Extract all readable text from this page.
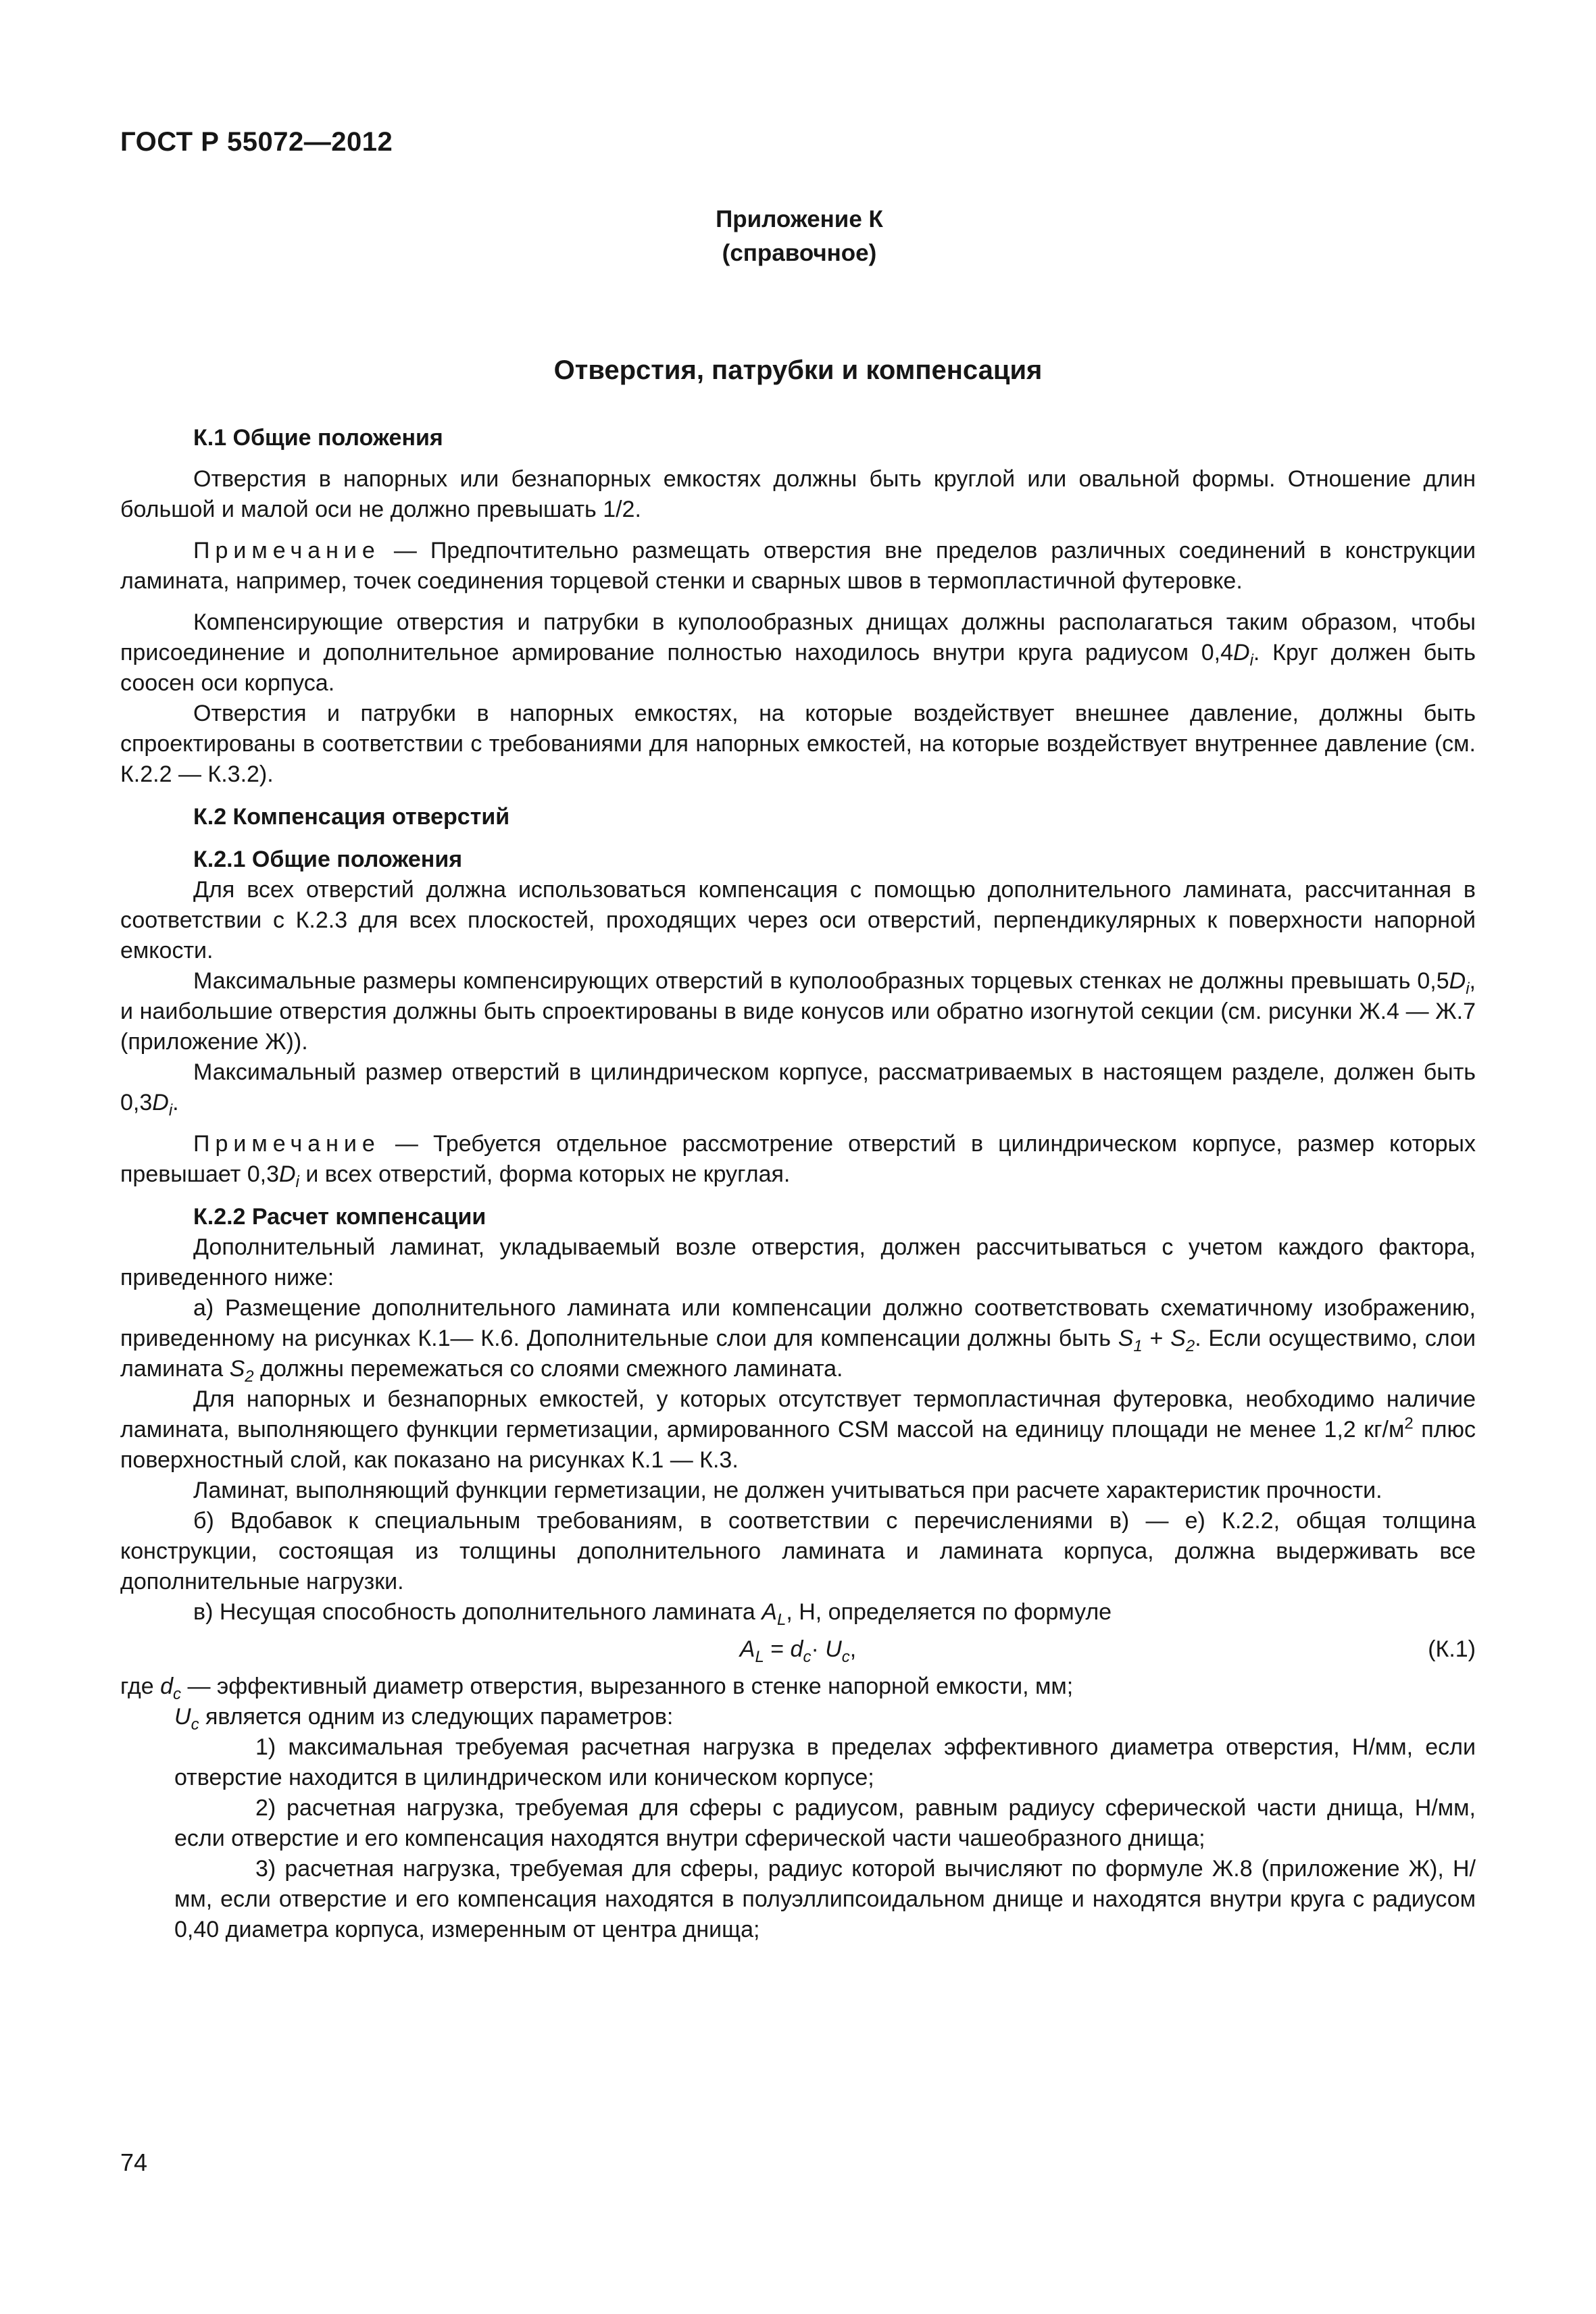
ГОСТ Р 55072—2012
Приложение К
(справочное)
Отверстия, патрубки и компенсация

К.1 Общие положения

Отверстия в напорных или безнапорных емкостях должны быть круглой или овальной формы. Отношение длин большой и малой оси не должно превышать 1/2.

Примечание — Предпочтительно размещать отверстия вне пределов различных соединений в конструкции ламината, например, точек соединения торцевой стенки и сварных швов в термопластичной футеровке.

Компенсирующие отверстия и патрубки в куполообразных днищах должны располагаться таким образом, чтобы присоединение и дополнительное армирование полностью находилось внутри круга радиусом $0,4D_i$. Круг должен быть соосен оси корпуса.

Отверстия и патрубки в напорных емкостях, на которые воздействует внешнее давление, должны быть спроектированы в соответствии с требованиями для напорных емкостей, на которые воздействует внутреннее давление (см. К.2.2 — К.3.2).

К.2 Компенсация отверстий

К.2.1 Общие положения

Для всех отверстий должна использоваться компенсация с помощью дополнительного ламината, рассчитанная в соответствии с К.2.3 для всех плоскостей, проходящих через оси отверстий, перпендикулярных к поверхности напорной емкости.

Максимальные размеры компенсирующих отверстий в куполообразных торцевых стенках не должны превышать $0,5D_i$, и наибольшие отверстия должны быть спроектированы в виде конусов или обратно изогнутой секции (см. рисунки Ж.4 — Ж.7 (приложение Ж)).

Максимальный размер отверстий в цилиндрическом корпусе, рассматриваемых в настоящем разделе, должен быть $0,3D_i$.

Примечание — Требуется отдельное рассмотрение отверстий в цилиндрическом корпусе, размер которых превышает $0,3D_i$ и всех отверстий, форма которых не круглая.

К.2.2 Расчет компенсации

Дополнительный ламинат, укладываемый возле отверстия, должен рассчитываться с учетом каждого фактора, приведенного ниже:

а) Размещение дополнительного ламината или компенсации должно соответствовать схематичному изображению, приведенному на рисунках К.1— К.6. Дополнительные слои для компенсации должны быть $S_1 + S_2$. Если осуществимо, слои ламината $S_2$ должны перемежаться со слоями смежного ламината.

Для напорных и безнапорных емкостей, у которых отсутствует термопластичная футеровка, необходимо наличие ламината, выполняющего функции герметизации, армированного CSM массой на единицу площади не менее 1,2 $кг/м^2$ плюс поверхностный слой, как показано на рисунках К.1 — К.3.

Ламинат, выполняющий функции герметизации, не должен учитываться при расчете характеристик прочности.

б) Вдобавок к специальным требованиям, в соответствии с перечислениями в) — е) К.2.2, общая толщина конструкции, состоящая из толщины дополнительного ламината и ламината корпуса, должна выдерживать все дополнительные нагрузки.

в) Несущая способность дополнительного ламината $A_L$, Н, определяется по формуле

$A_L = d_c\cdot U_c$,	(К.1)

где $d_c$ — эффективный диаметр отверстия, вырезанного в стенке напорной емкости, мм;

$U_c$ является одним из следующих параметров:

1) максимальная требуемая расчетная нагрузка в пределах эффективного диаметра отверстия, Н/мм, если отверстие находится в цилиндрическом или коническом корпусе;

2) расчетная нагрузка, требуемая для сферы с радиусом, равным радиусу сферической части днища, Н/мм, если отверстие и его компенсация находятся внутри сферической части чашеобразного днища;

3) расчетная нагрузка, требуемая для сферы, радиус которой вычисляют по формуле Ж.8 (приложение Ж), Н/мм, если отверстие и его компенсация находятся в полуэллипсоидальном днище и находятся внутри круга с радиусом 0,40 диаметра корпуса, измеренным от центра днища;

74
